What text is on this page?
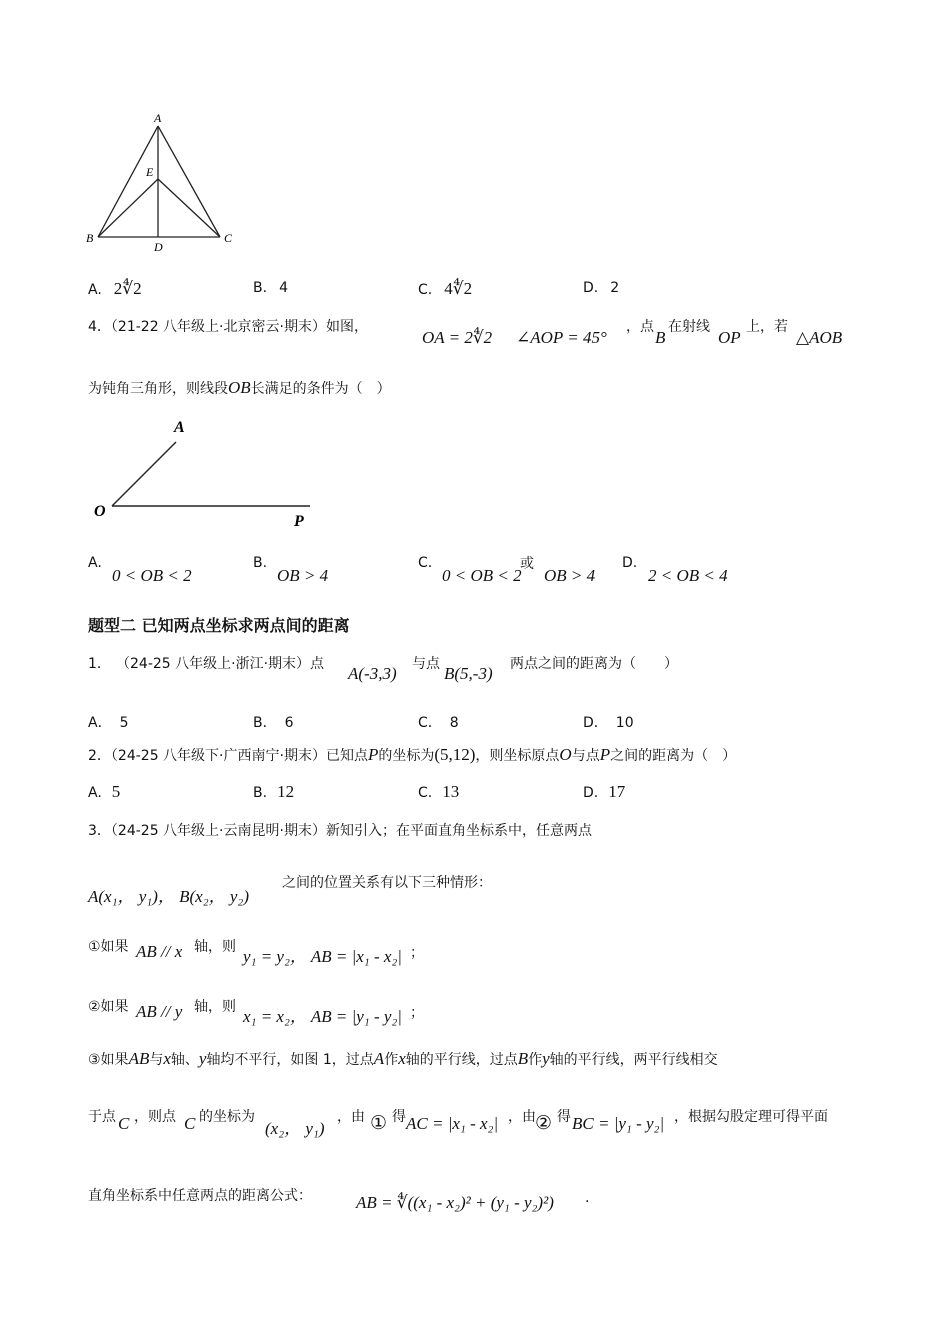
A
E
B
D
C
A. 2∜2	B. 4	C. 4∜2	D. 2
4．（21-22 八年级上·北京密云·期末）如图，
OA = 2∜2 ∠AOP = 45°
，点
B
在射线
OP
上，若
△AOB
为钝角三角形，则线段OB长满足的条件为（　）
A
O
P
A.
0 < OB < 2
B.
OB > 4
C.
0 < OB < 2
或
OB > 4
D.
2 < OB < 4
题型二 已知两点坐标求两点间的距离
1． （24-25 八年级上·浙江·期末）点 A(-3,3) 与点 B(5,-3) 两点之间的距离为（　　）
A． 5	B． 6	C． 8	D． 10
2．（24-25 八年级下·广西南宁·期末）已知点P的坐标为(5,12)，则坐标原点O与点P之间的距离为（　）
A. 5	B. 12	C. 13	D. 17
3．（24-25 八年级上·云南昆明·期末）新知引入；在平面直角坐标系中，任意两点
A(x₁， y₁)， B(x₂， y₂)
之间的位置关系有以下三种情形：
①如果 AB // x 轴，则 y₁ = y₂， AB = |x₁ - x₂| ；
②如果 AB // y 轴，则 x₁ = x₂， AB = |y₁ - y₂| ；
③如果AB与x轴、y轴均不平行，如图 1，过点A作x轴的平行线，过点B作y轴的平行线，两平行线相交
于点 C ，则点 C 的坐标为
(x₂， y₁)
，由 ① 得 AC = |x₁ - x₂| ，由 ② 得 BC = |y₁ - y₂| ，根据勾股定理可得平面
直角坐标系中任意两点的距离公式：	AB = ∜((x₁ - x₂)² + (y₁ - y₂)²) .
